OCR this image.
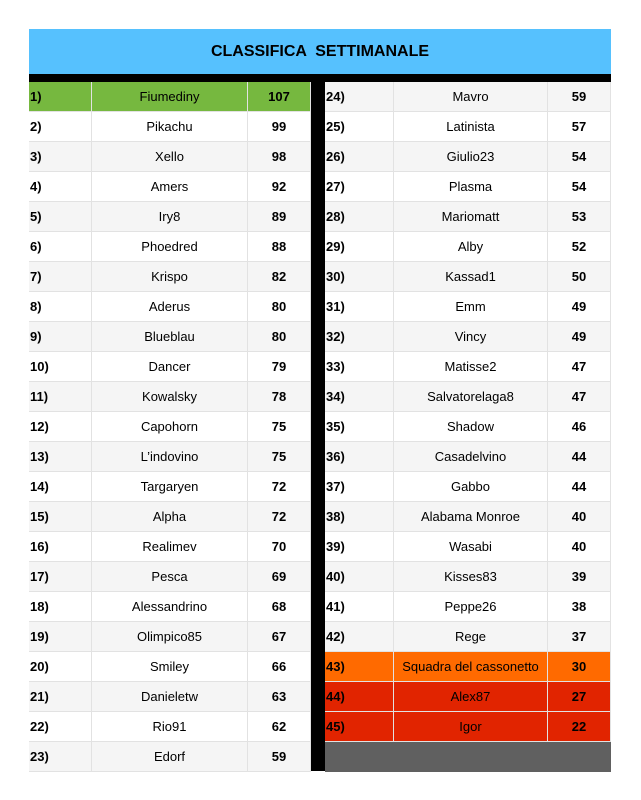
CLASSIFICA  SETTIMANALE
1)	Fiumediny	107
2)	Pikachu	99
3)	Xello	98
4)	Amers	92
5)	Iry8	89
6)	Phoedred	88
7)	Krispo	82
8)	Aderus	80
9)	Blueblau	80
10)	Dancer	79
11)	Kowalsky	78
12)	Capohorn	75
13)	L’indovino	75
14)	Targaryen	72
15)	Alpha	72
16)	Realimev	70
17)	Pesca	69
18)	Alessandrino	68
19)	Olimpico85	67
20)	Smiley	66
21)	Danieletw	63
22)	Rio91	62
23)	Edorf	59
24)	Mavro	59
25)	Latinista	57
26)	Giulio23	54
27)	Plasma	54
28)	Mariomatt	53
29)	Alby	52
30)	Kassad1	50
31)	Emm	49
32)	Vincy	49
33)	Matisse2	47
34)	Salvatorelaga8	47
35)	Shadow	46
36)	Casadelvino	44
37)	Gabbo	44
38)	Alabama Monroe	40
39)	Wasabi	40
40)	Kisses83	39
41)	Peppe26	38
42)	Rege	37
43)	Squadra del cassonetto	30
44)	Alex87	27
45)	Igor	22
